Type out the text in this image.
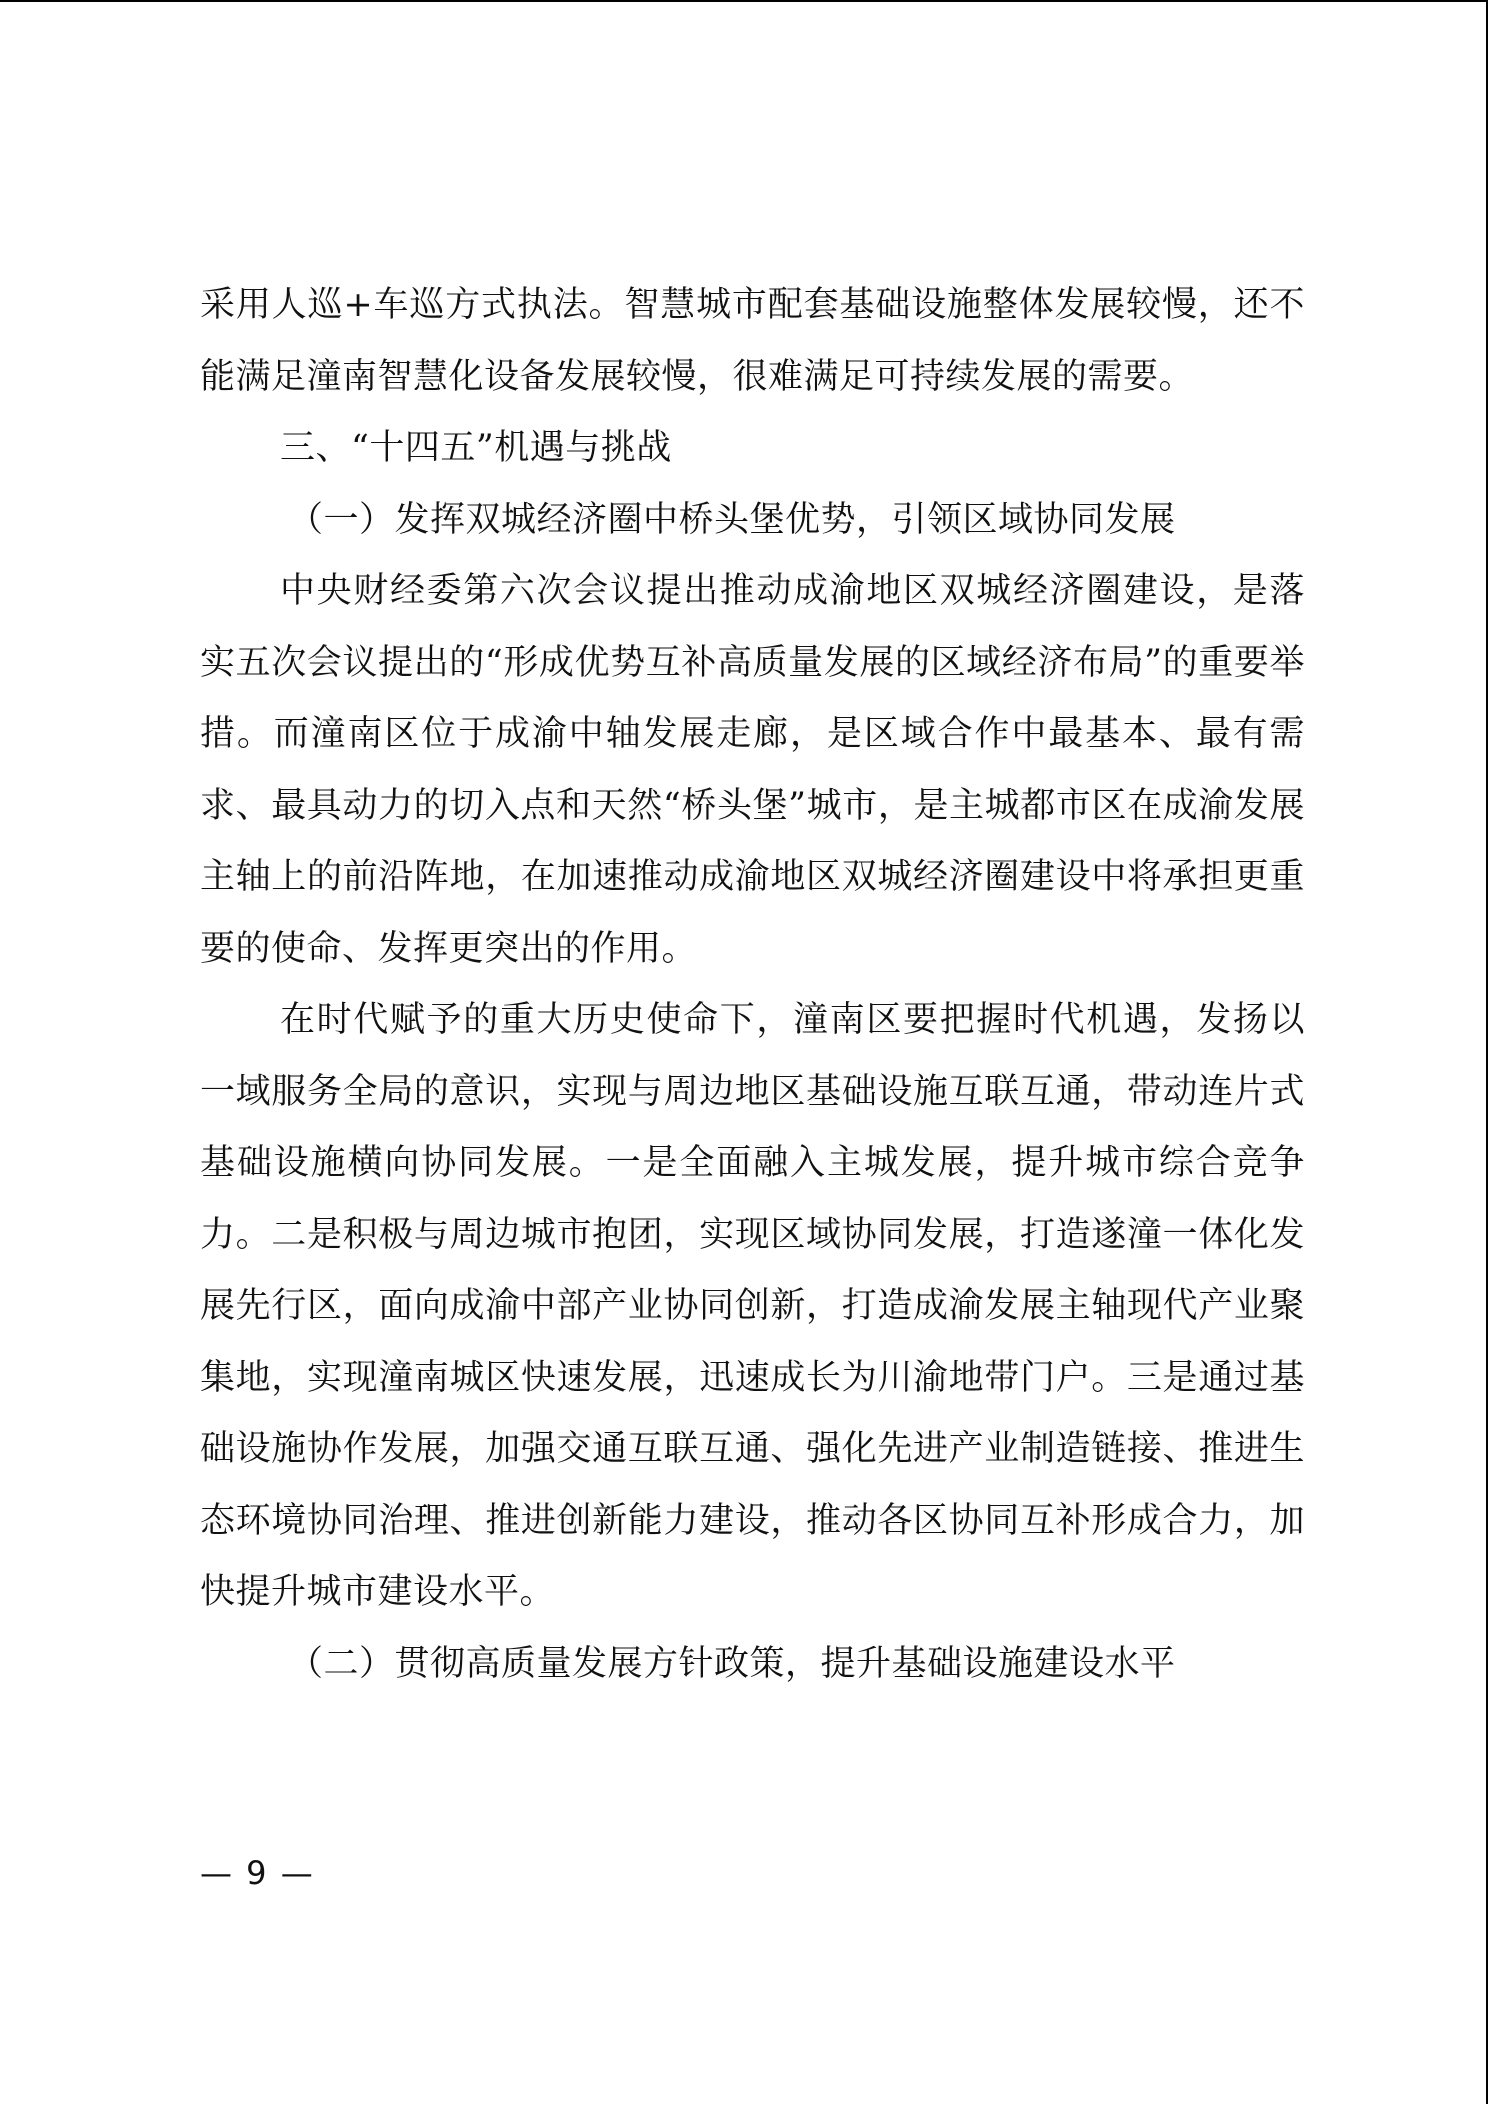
采用人巡+车巡方式执法。智慧城市配套基础设施整体发展较慢，还不能满足潼南智慧化设备发展较慢，很难满足可持续发展的需要。

三、“十四五”机遇与挑战

（一）发挥双城经济圈中桥头堡优势，引领区域协同发展

中央财经委第六次会议提出推动成渝地区双城经济圈建设，是落实五次会议提出的“形成优势互补高质量发展的区域经济布局”的重要举措。而潼南区位于成渝中轴发展走廊，是区域合作中最基本、最有需求、最具动力的切入点和天然“桥头堡”城市，是主城都市区在成渝发展主轴上的前沿阵地，在加速推动成渝地区双城经济圈建设中将承担更重要的使命、发挥更突出的作用。

在时代赋予的重大历史使命下，潼南区要把握时代机遇，发扬以一域服务全局的意识，实现与周边地区基础设施互联互通，带动连片式基础设施横向协同发展。一是全面融入主城发展，提升城市综合竞争力。二是积极与周边城市抱团，实现区域协同发展，打造遂潼一体化发展先行区，面向成渝中部产业协同创新，打造成渝发展主轴现代产业聚集地，实现潼南城区快速发展，迅速成长为川渝地带门户。三是通过基础设施协作发展，加强交通互联互通、强化先进产业制造链接、推进生态环境协同治理、推进创新能力建设，推动各区协同互补形成合力，加快提升城市建设水平。

（二）贯彻高质量发展方针政策，提升基础设施建设水平

— 9 —
